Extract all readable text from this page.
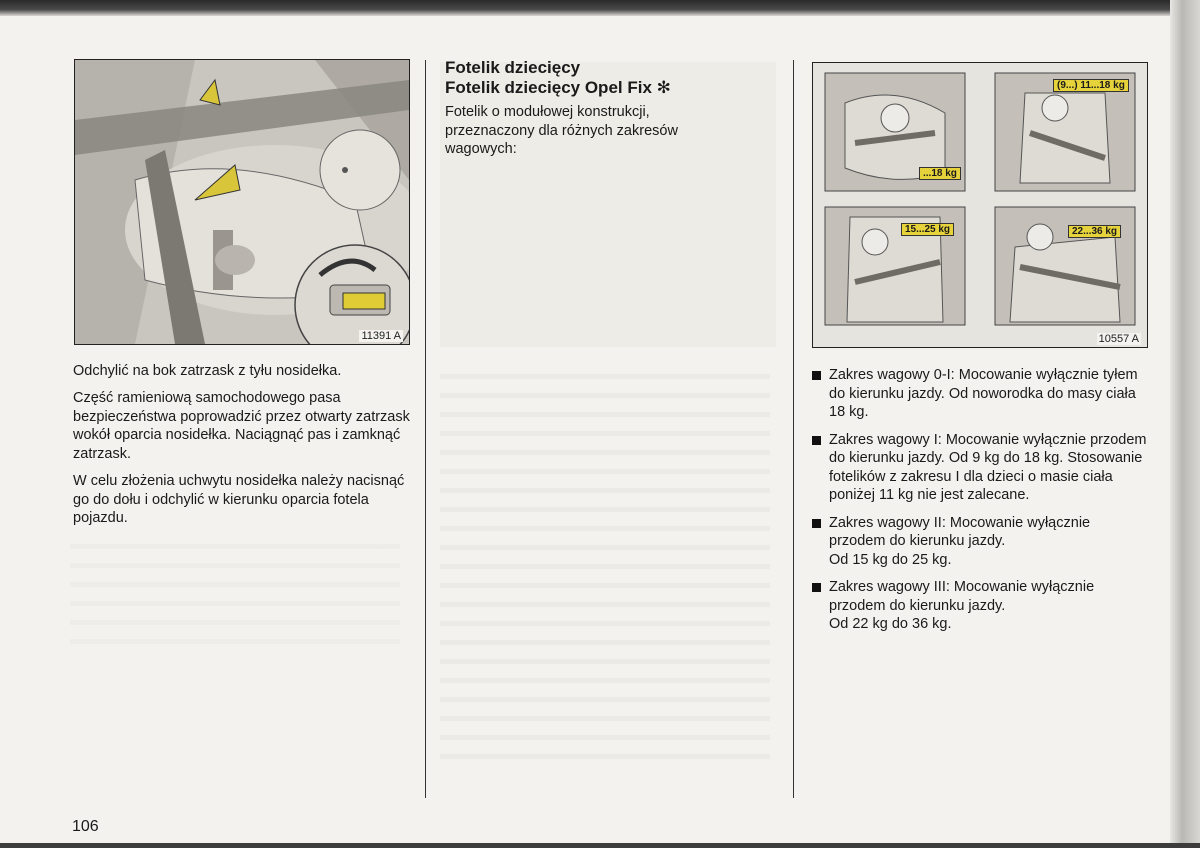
11391 A

Odchylić na bok zatrzask z tyłu nosidełka.

Część ramieniową samochodowego pasa bezpieczeństwa poprowadzić przez otwarty zatrzask wokół oparcia nosidełka. Naciągnąć pas i zamknąć zatrzask.

W celu złożenia uchwytu nosidełka należy nacisnąć go do dołu i odchylić w kierunku oparcia fotela pojazdu.

Fotelik dziecięcy
Fotelik dziecięcy Opel Fix ✻

Fotelik o modułowej konstrukcji, przeznaczony dla różnych zakresów wagowych:

...18 kg
(9...) 11...18 kg
15...25 kg	22...36 kg
10557 A
Zakres wagowy 0-I: Mocowanie wyłącznie tyłem do kierunku jazdy. Od noworodka do masy ciała 18 kg.
Zakres wagowy I: Mocowanie wyłącznie przodem do kierunku jazdy. Od 9 kg do 18 kg. Stosowanie fotelików z zakresu I dla dzieci o masie ciała poniżej 11 kg nie jest zalecane.
Zakres wagowy II: Mocowanie wyłącznie przodem do kierunku jazdy.
Od 15 kg do 25 kg.
Zakres wagowy III: Mocowanie wyłącznie przodem do kierunku jazdy.
Od 22 kg do 36 kg.
106
